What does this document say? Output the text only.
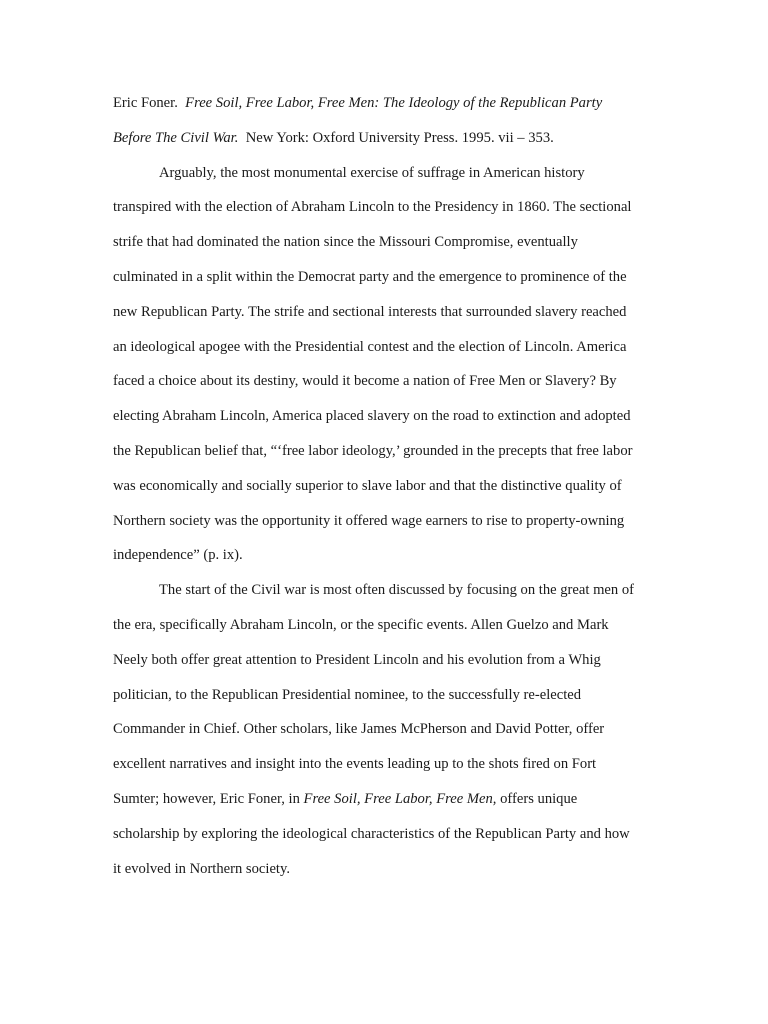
Eric Foner. Free Soil, Free Labor, Free Men: The Ideology of the Republican Party
Before The Civil War. New York: Oxford University Press. 1995. vii – 353.
Arguably, the most monumental exercise of suffrage in American history
transpired with the election of Abraham Lincoln to the Presidency in 1860. The sectional
strife that had dominated the nation since the Missouri Compromise, eventually
culminated in a split within the Democrat party and the emergence to prominence of the
new Republican Party. The strife and sectional interests that surrounded slavery reached
an ideological apogee with the Presidential contest and the election of Lincoln. America
faced a choice about its destiny, would it become a nation of Free Men or Slavery? By
electing Abraham Lincoln, America placed slavery on the road to extinction and adopted
the Republican belief that, “‘free labor ideology,’ grounded in the precepts that free labor
was economically and socially superior to slave labor and that the distinctive quality of
Northern society was the opportunity it offered wage earners to rise to property-owning
independence” (p. ix).
The start of the Civil war is most often discussed by focusing on the great men of
the era, specifically Abraham Lincoln, or the specific events. Allen Guelzo and Mark
Neely both offer great attention to President Lincoln and his evolution from a Whig
politician, to the Republican Presidential nominee, to the successfully re-elected
Commander in Chief. Other scholars, like James McPherson and David Potter, offer
excellent narratives and insight into the events leading up to the shots fired on Fort
Sumter; however, Eric Foner, in Free Soil, Free Labor, Free Men, offers unique
scholarship by exploring the ideological characteristics of the Republican Party and how
it evolved in Northern society.
